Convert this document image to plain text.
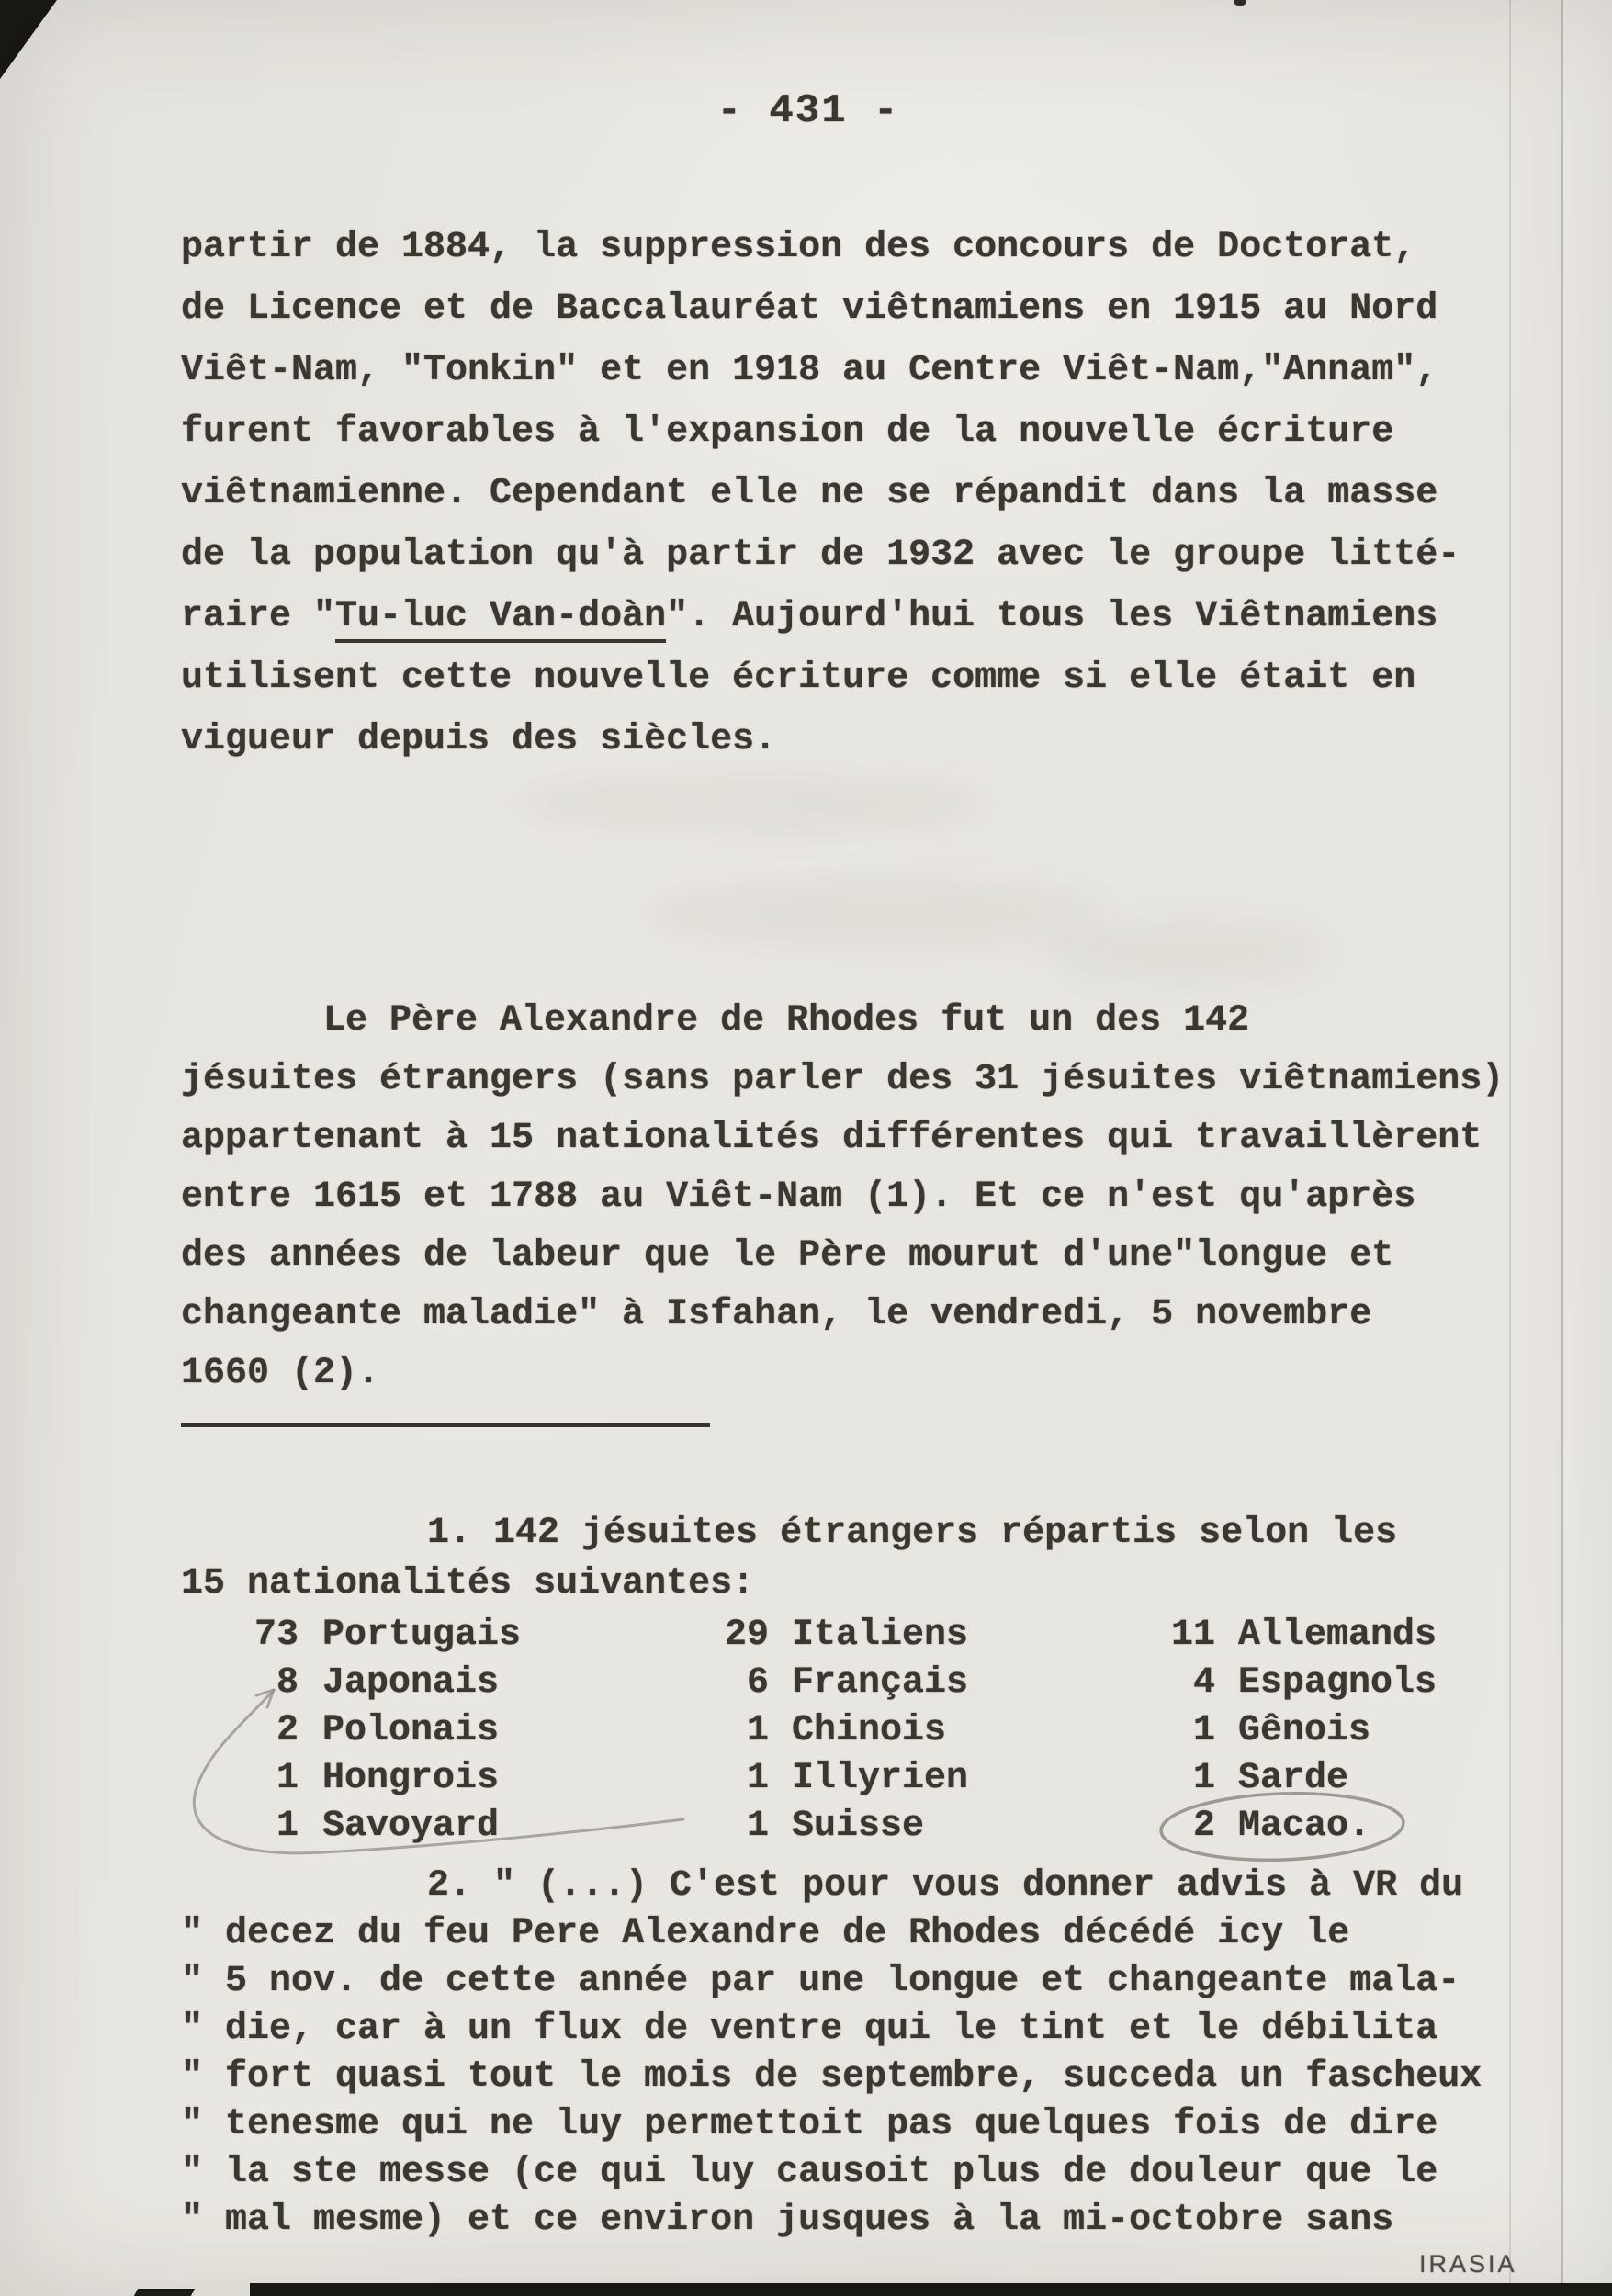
- 431 -
partir de 1884, la suppression des concours de Doctorat,
de Licence et de Baccalauréat viêtnamiens en 1915 au Nord
Viêt-Nam, "Tonkin" et en 1918 au Centre Viêt-Nam,"Annam",
furent favorables à l'expansion de la nouvelle écriture
viêtnamienne. Cependant elle ne se répandit dans la masse
de la population qu'à partir de 1932 avec le groupe litté-
raire "Tu-luc Van-doàn". Aujourd'hui tous les Viêtnamiens
utilisent cette nouvelle écriture comme si elle était en
vigueur depuis des siècles.
Le Père Alexandre de Rhodes fut un des 142
jésuites étrangers (sans parler des 31 jésuites viêtnamiens)
appartenant à 15 nationalités différentes qui travaillèrent
entre 1615 et 1788 au Viêt-Nam (1). Et ce n'est qu'après
des années de labeur que le Père mourut d'une"longue et
changeante maladie" à Isfahan, le vendredi, 5 novembre
1660 (2).
1. 142 jésuites étrangers répartis selon les
15 nationalités suivantes:
73 Portugais	29 Italiens	11 Allemands
8 Japonais	6 Français	4 Espagnols
2 Polonais	1 Chinois	1 Gênois
1 Hongrois	1 Illyrien	1 Sarde
1 Savoyard	1 Suisse	2 Macao.
2. " (...) C'est pour vous donner advis à VR du
" decez du feu Pere Alexandre de Rhodes décédé icy le
" 5 nov. de cette année par une longue et changeante mala-
" die, car à un flux de ventre qui le tint et le débilita
" fort quasi tout le mois de septembre, succeda un fascheux
" tenesme qui ne luy permettoit pas quelques fois de dire
" la ste messe (ce qui luy causoit plus de douleur que le
" mal mesme) et ce environ jusques à la mi-octobre sans
IRASIA
